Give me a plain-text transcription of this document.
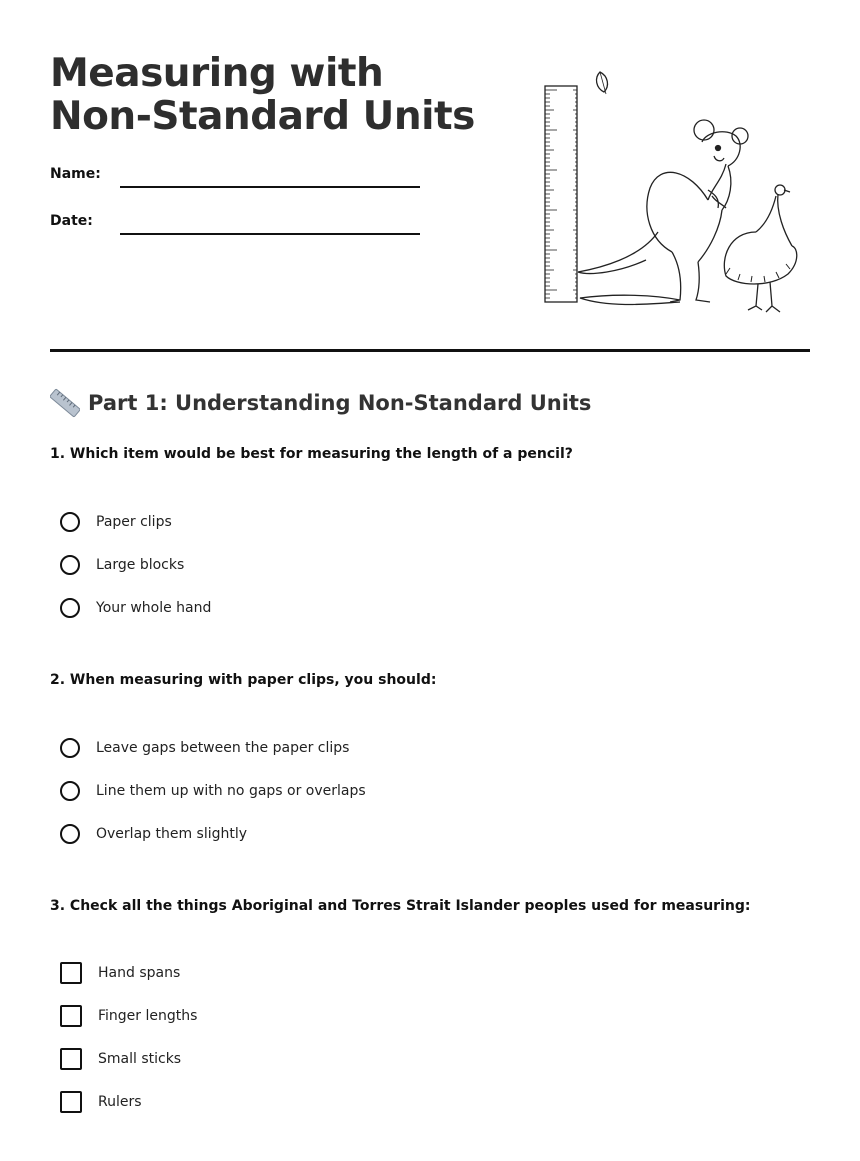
Measuring with Non-Standard Units
Name:
Date:
Part 1: Understanding Non-Standard Units

1. Which item would be best for measuring the length of a pencil?

Paper clips
Large blocks
Your whole hand

2. When measuring with paper clips, you should:

Leave gaps between the paper clips
Line them up with no gaps or overlaps
Overlap them slightly

3. Check all the things Aboriginal and Torres Strait Islander peoples used for measuring:

Hand spans
Finger lengths
Small sticks
Rulers
